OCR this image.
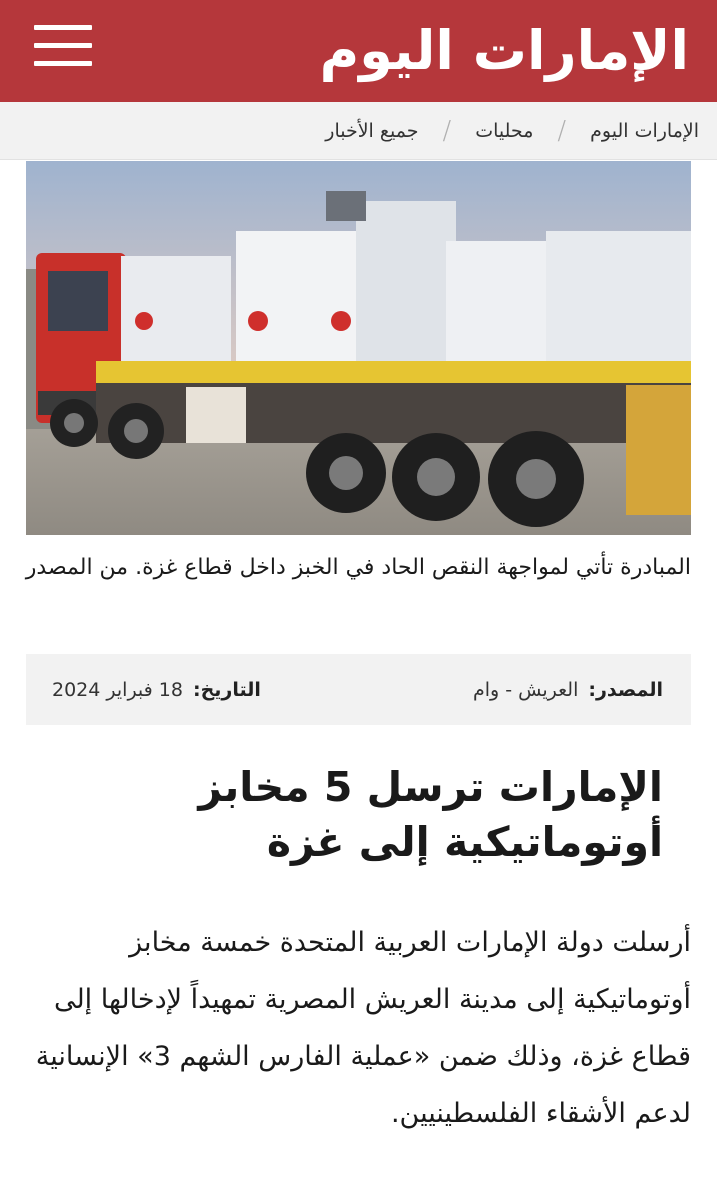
الإمارات اليوم
الإمارات اليوم
/
محليات
/
جميع الأخبار
المبادرة تأتي لمواجهة النقص الحاد في الخبز داخل قطاع غزة. من المصدر
المصدر:
العريش - وام
التاريخ:
18 فبراير 2024
الإمارات ترسل 5 مخابز أوتوماتيكية إلى غزة

أرسلت دولة الإمارات العربية المتحدة خمسة مخابز أوتوماتيكية إلى مدينة العريش المصرية تمهيداً لإدخالها إلى قطاع غزة، وذلك ضمن «عملية الفارس الشهم 3» الإنسانية لدعم الأشقاء الفلسطينيين.
